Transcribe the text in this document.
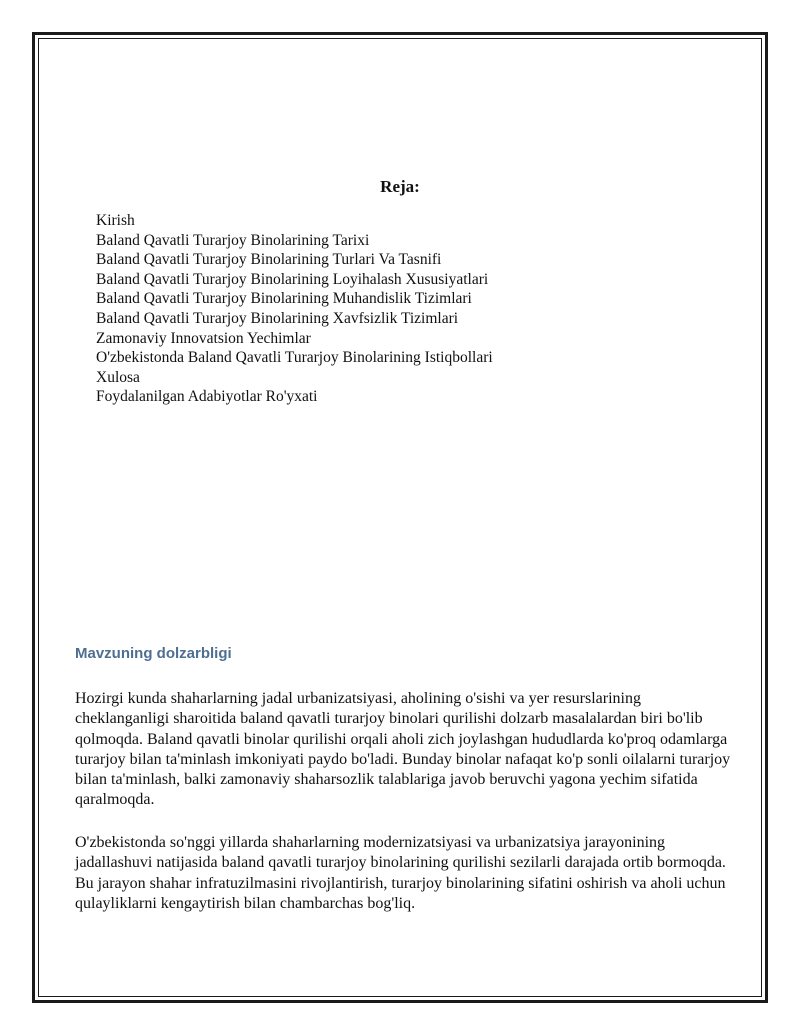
Reja:
Kirish
Baland Qavatli Turarjoy Binolarining Tarixi
Baland Qavatli Turarjoy Binolarining Turlari Va Tasnifi
Baland Qavatli Turarjoy Binolarining Loyihalash Xususiyatlari
Baland Qavatli Turarjoy Binolarining Muhandislik Tizimlari
Baland Qavatli Turarjoy Binolarining Xavfsizlik Tizimlari
Zamonaviy Innovatsion Yechimlar
O'zbekistonda Baland Qavatli Turarjoy Binolarining Istiqbollari
Xulosa
Foydalanilgan Adabiyotlar Ro'yxati
Mavzuning dolzarbligi

Hozirgi kunda shaharlarning jadal urbanizatsiyasi, aholining o'sishi va yer resurslarining cheklanganligi sharoitida baland qavatli turarjoy binolari qurilishi dolzarb masalalardan biri bo'lib qolmoqda. Baland qavatli binolar qurilishi orqali aholi zich joylashgan hududlarda ko'proq odamlarga turarjoy bilan ta'minlash imkoniyati paydo bo'ladi. Bunday binolar nafaqat ko'p sonli oilalarni turarjoy bilan ta'minlash, balki zamonaviy shaharsozlik talablariga javob beruvchi yagona yechim sifatida qaralmoqda.

O'zbekistonda so'nggi yillarda shaharlarning modernizatsiyasi va urbanizatsiya jarayonining jadallashuvi natijasida baland qavatli turarjoy binolarining qurilishi sezilarli darajada ortib bormoqda. Bu jarayon shahar infratuzilmasini rivojlantirish, turarjoy binolarining sifatini oshirish va aholi uchun qulayliklarni kengaytirish bilan chambarchas bog'liq.
